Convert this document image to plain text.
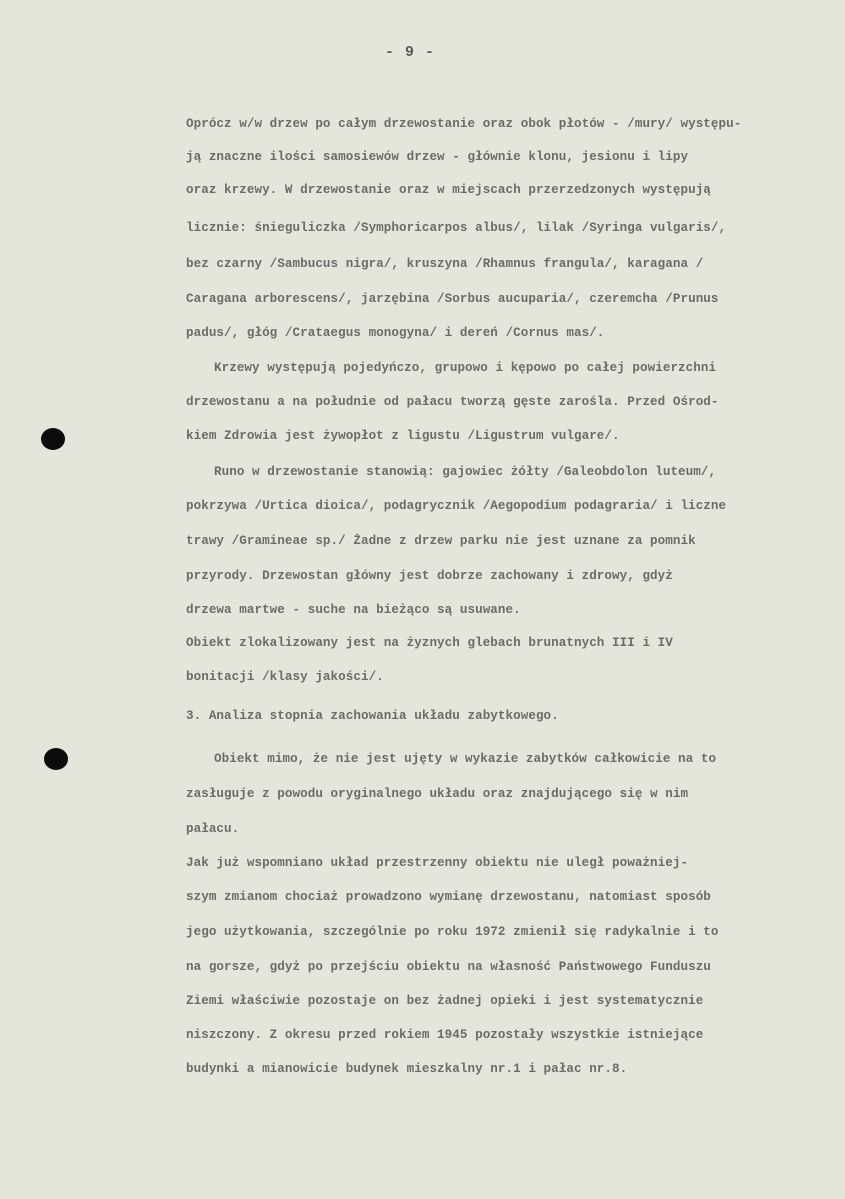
- 9 -
Oprócz w/w drzew po całym drzewostanie oraz obok płotów - /mury/ występu-
ją znaczne ilości samosiewów drzew - głównie klonu, jesionu i lipy
oraz krzewy. W drzewostanie oraz w miejscach przerzedzonych występują
licznie: śnieguliczka /Symphoricarpos albus/, lilak /Syringa vulgaris/,
bez czarny /Sambucus nigra/, kruszyna /Rhamnus frangula/, karagana /
Caragana arborescens/, jarzębina /Sorbus aucuparia/, czeremcha /Prunus
padus/, głóg /Crataegus monogyna/ i dereń /Cornus mas/.
Krzewy występują pojedyńczo, grupowo i kępowo po całej powierzchni
drzewostanu a na południe od pałacu tworzą gęste zarośla. Przed Ośrod-
kiem Zdrowia jest żywopłot z ligustu /Ligustrum vulgare/.
Runo w drzewostanie stanowią: gajowiec żółty /Galeobdolon luteum/,
pokrzywa /Urtica dioica/, podagrycznik /Aegopodium podagraria/ i liczne
trawy /Gramineae sp./ Żadne z drzew parku nie jest uznane za pomnik
przyrody. Drzewostan główny jest dobrze zachowany i zdrowy, gdyż
drzewa martwe - suche na bieżąco są usuwane.
Obiekt zlokalizowany jest na żyznych glebach brunatnych III i IV
bonitacji /klasy jakości/.
3. Analiza stopnia zachowania układu zabytkowego.
Obiekt mimo, że nie jest ujęty w wykazie zabytków całkowicie na to
zasługuje z powodu oryginalnego układu oraz znajdującego się w nim
pałacu.
Jak już wspomniano układ przestrzenny obiektu nie uległ poważniej-
szym zmianom chociaż prowadzono wymianę drzewostanu, natomiast sposób
jego użytkowania, szczególnie po roku 1972 zmienił się radykalnie i to
na gorsze, gdyż po przejściu obiektu na własność Państwowego Funduszu
Ziemi właściwie pozostaje on bez żadnej opieki i jest systematycznie
niszczony. Z okresu przed rokiem 1945 pozostały wszystkie istniejące
budynki a mianowicie budynek mieszkalny nr.1 i pałac nr.8.
